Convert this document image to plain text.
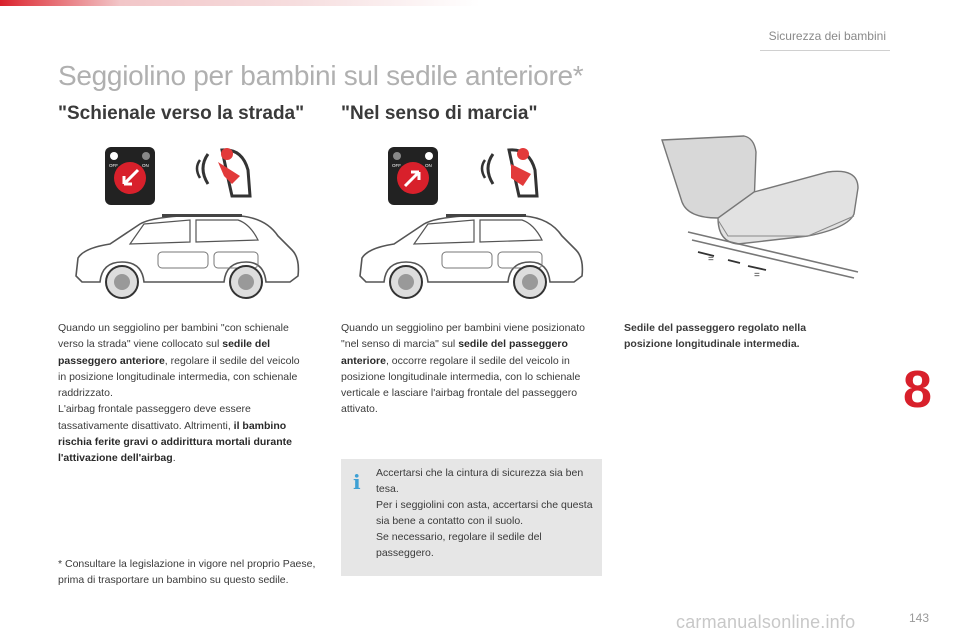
Sicurezza dei bambini
Seggiolino per bambini sul sedile anteriore*
"Schienale verso la strada" "Nel senso di marcia"
OFF	ON	OFF	ON
=
=
Quando un seggiolino per bambini "con schienale verso la strada" viene collocato sul sedile del passeggero anteriore, regolare il sedile del veicolo in posizione longitudinale intermedia, con schienale raddrizzato.
L'airbag frontale passeggero deve essere tassativamente disattivato. Altrimenti, il bambino rischia ferite gravi o addirittura mortali durante l'attivazione dell'airbag.
Quando un seggiolino per bambini viene posizionato "nel senso di marcia" sul sedile del passeggero anteriore, occorre regolare il sedile del veicolo in posizione longitudinale intermedia, con lo schienale verticale e lasciare l'airbag frontale del passeggero attivato.
Sedile del passeggero regolato nella posizione longitudinale intermedia.
i Accertarsi che la cintura di sicurezza sia ben tesa.
Per i seggiolini con asta, accertarsi che questa sia bene a contatto con il suolo.
Se necessario, regolare il sedile del passeggero.
* Consultare la legislazione in vigore nel proprio Paese, prima di trasportare un bambino su questo sedile.
8
carmanualsonline.info	143
